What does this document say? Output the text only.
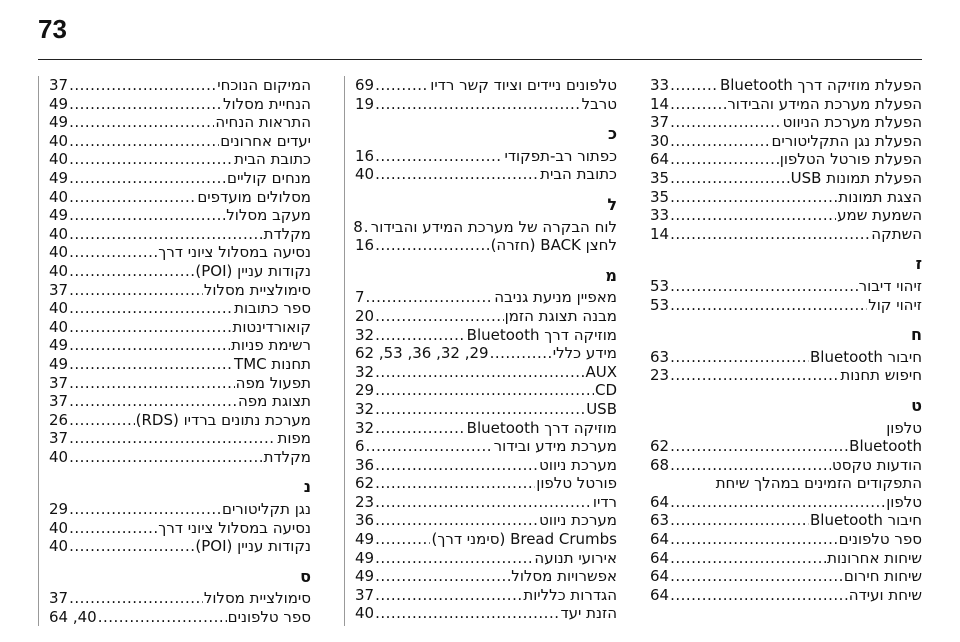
73
הפעלת מוזיקה דרך Bluetooth
.....
33
הפעלת מערכת המידע והבידור
.....
14
הפעלת מערכת הניווט
.....
37
הפעלת נגן התקליטורים
.....
30
הפעלת פורטל הטלפון
.....
64
הפעלת תמונות USB
.....
35
הצגת תמונות
.....
35
השמעת שמע
.....
33
השתקה
.....
14
ז
זיהוי דיבור
.....
53
זיהוי קול
.....
53
ח
חיבור Bluetooth
.....
63
חיפוש תחנות
.....
23
ט
טלפון
Bluetooth
.....
62
הודעות טקסט
.....
68
התפקודים הזמינים במהלך שיחת
טלפון
.....
64
חיבור Bluetooth
.....
63
ספר טלפונים
.....
64
שיחות אחרונות
.....
64
שיחות חירום
.....
64
שיחת ועידה
.....
64
טלפונים ניידים וציוד קשר רדיו
.....
69
טרבל
.....
19
כ
כפתור רב-תפקודי
.....
16
כתובת הבית
.....
40
ל
לוח הבקרה של מערכת המידע והבידור
.....
8
לחצן BACK (חזרה)
.....
16
מ
מאפיין מניעת גניבה
.....
7
מבנה תצוגת הזמן
.....
20
מוזיקה דרך Bluetooth
.....
32
מידע כללי
.....
62 ,53 ,36 ,32 ,29
AUX
.....
32
CD
.....
29
USB
.....
32
מוזיקה דרך Bluetooth
.....
32
מערכת מידע ובידור
.....
6
מערכת ניווט
.....
36
פורטל טלפון
.....
62
רדיו
.....
23
מערכת ניווט
.....
36
Bread Crumbs (סימני דרך)
.....
49
אירועי תנועה
.....
49
אפשרויות מסלול
.....
49
הגדרות כלליות
.....
37
הזנת יעד
.....
40
המיקום הנוכחי
.....
37
הנחיית מסלול
.....
49
התראות הנחיה
.....
49
יעדים אחרונים
.....
40
כתובת הבית
.....
40
מנחים קוליים
.....
49
מסלולים מועדפים
.....
40
מעקב מסלול
.....
49
מקלדת
.....
40
נסיעה במסלול ציוני דרך
.....
40
נקודות עניין (POI)
.....
40
סימולציית מסלול
.....
37
ספר כתובות
.....
40
קואורדינטות
.....
40
רשימת פניות
.....
49
תחנות TMC
.....
49
תפעול מפה
.....
37
תצוגת מפה
.....
37
מערכת נתונים ברדיו (RDS)
.....
26
מפות
.....
37
מקלדת
.....
40
נ
נגן תקליטורים
.....
29
נסיעה במסלול ציוני דרך
.....
40
נקודות עניין (POI)
.....
40
ס
סימולציית מסלול
.....
37
ספר טלפונים
.....
64 ,40
